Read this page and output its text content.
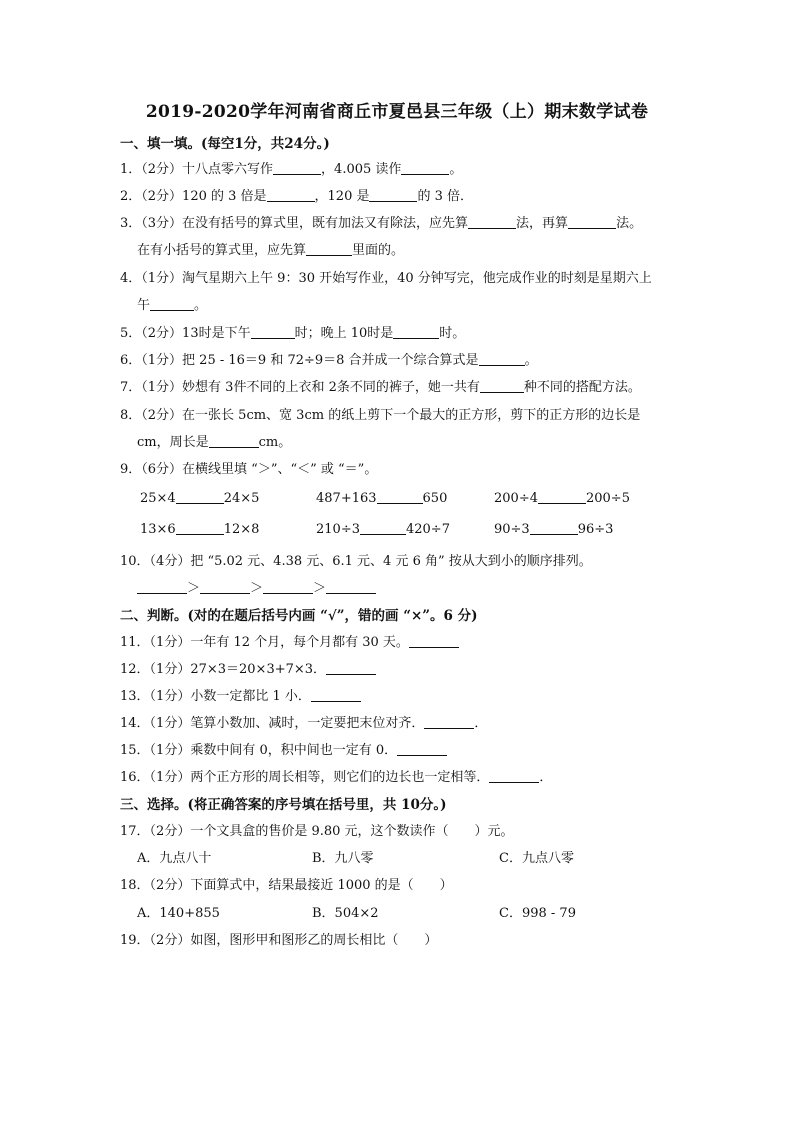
2019-2020学年河南省商丘市夏邑县三年级（上）期末数学试卷
一、填一填。(每空1分，共24分。)
1．（2分）十八点零六写作	，4.005 读作	。
2．（2分）120 的 3 倍是	，120 是	的 3 倍．
3．（3分）在没有括号的算式里，既有加法又有除法，应先算	法，再算	法。
在有小括号的算式里，应先算	里面的。
4．（1分）淘气星期六上午 9：30 开始写作业，40 分钟写完，他完成作业的时刻是星期六上
午	。
5．（2分）13时是下午	时；晚上 10时是	时。
6．（1分）把 25 - 16＝9 和 72÷9＝8 合并成一个综合算式是	。
7．（1分）妙想有 3件不同的上衣和 2条不同的裤子，她一共有	种不同的搭配方法。
8．（2分）在一张长 5cm、宽 3cm 的纸上剪下一个最大的正方形，剪下的正方形的边长是
cm，周长是	cm。
9．（6分）在横线里填 “＞”、“＜” 或 “＝”。
25×4	24×5	487+163	650	200÷4	200÷5
13×6	12×8	210÷3	420÷7	90÷3	96÷3
10．（4分）把 “5.02 元、4.38 元、6.1 元、4 元 6 角” 按从大到小的顺序排列。
＞	＞	＞
二、判断。(对的在题后括号内画 “√”，错的画 “×”。6 分)
11．（1分）一年有 12 个月，每个月都有 30 天。
12．（1分）27×3＝20×3+7×3．
13．（1分）小数一定都比 1 小．
14．（1分）笔算小数加、减时，一定要把末位对齐．	．
15．（1分）乘数中间有 0，积中间也一定有 0．
16．（1分）两个正方形的周长相等，则它们的边长也一定相等．	．
三、选择。(将正确答案的序号填在括号里，共 10分。)
17．（2分）一个文具盒的售价是 9.80 元，这个数读作（　　）元。
A．九点八十	B．九八零	C．九点八零
18．（2分）下面算式中，结果最接近 1000 的是（　　）
A．140+855	B．504×2	C．998 - 79
19．（2分）如图，图形甲和图形乙的周长相比（　　）
